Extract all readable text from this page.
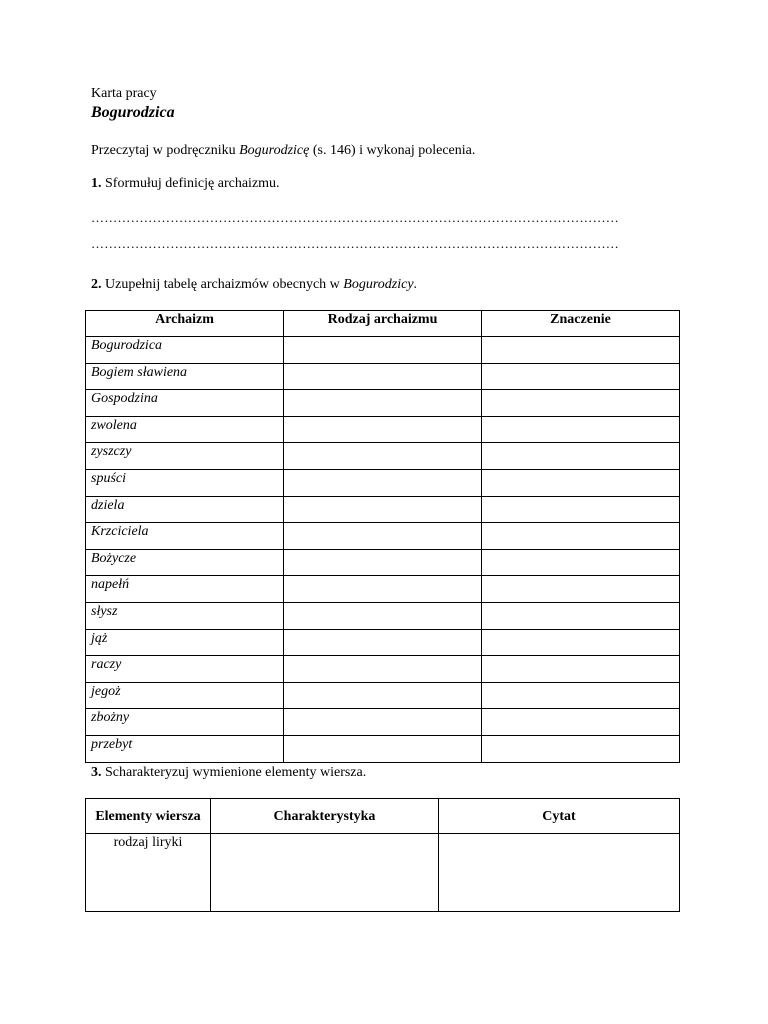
Karta pracy
Bogurodzica
Przeczytaj w podręczniku Bogurodzicę (s. 146) i wykonaj polecenia.
1. Sformułuj definicję archaizmu.
…………………………………………………………………………………………………………
…………………………………………………………………………………………………………
2. Uzupełnij tabelę archaizmów obecnych w Bogurodzicy.
Archaizm	Rodzaj archaizmu	Znaczenie
Bogurodzica		
Bogiem sławiena		
Gospodzina		
zwolena		
zyszczy		
spuści		
dziela		
Krzciciela		
Bożycze		
napełń		
słysz		
jąż		
raczy		
jegoż		
zbożny		
przebyt		
3. Scharakteryzuj wymienione elementy wiersza.
Elementy wiersza	Charakterystyka	Cytat
rodzaj liryki		
